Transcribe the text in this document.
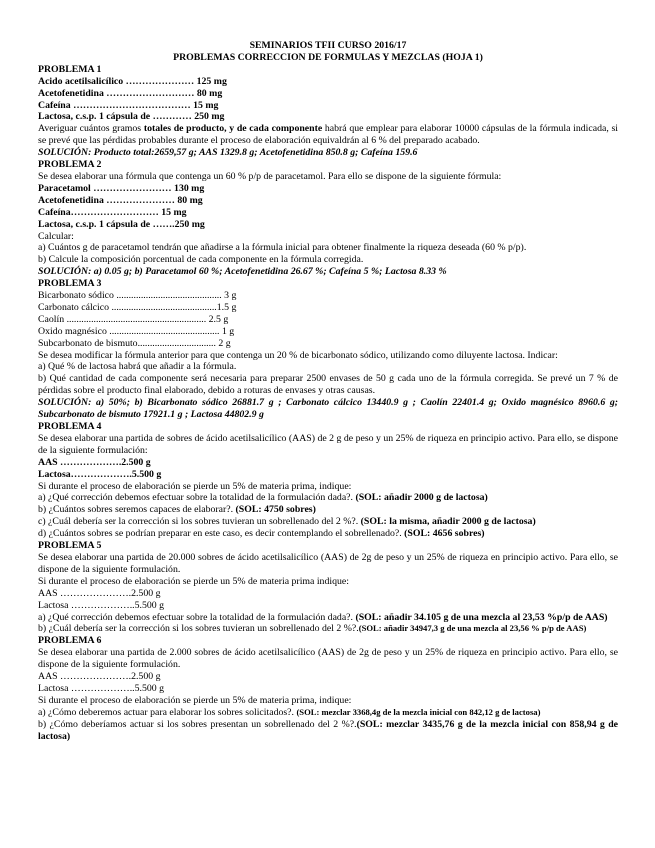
SEMINARIOS TFII CURSO 2016/17

PROBLEMAS CORRECCION DE FORMULAS Y MEZCLAS (HOJA 1)

PROBLEMA 1

Acido acetilsalicílico ………………… 125 mg

Acetofenetidina ……………………… 80 mg

Cafeína ……………………………… 15 mg

Lactosa, c.s.p. 1 cápsula de ………… 250 mg

Averiguar cuántos gramos totales de producto, y de cada componente habrá que emplear para elaborar 10000 cápsulas de la fórmula indicada, si se prevé que las pérdidas probables durante el proceso de elaboración equivaldrán al 6 % del preparado acabado.

SOLUCIÓN: Producto total:2659,57 g; AAS 1329.8 g; Acetofenetidina 850.8 g; Cafeína 159.6

PROBLEMA 2

Se desea elaborar una fórmula que contenga un 60 % p/p de paracetamol. Para ello se dispone de la siguiente fórmula:

Paracetamol …………………… 130 mg

Acetofenetidina ………………… 80 mg

Cafeína……………………… 15 mg

Lactosa, c.s.p. 1 cápsula de …….250 mg

Calcular:

a) Cuántos g de paracetamol tendrán que añadirse a la fórmula inicial para obtener finalmente la riqueza deseada (60 % p/p).

b) Calcule la composición porcentual de cada componente en la fórmula corregida.

SOLUCIÓN: a) 0.05 g; b) Paracetamol 60 %; Acetofenetidina 26.67 %; Cafeína 5 %; Lactosa 8.33 %

PROBLEMA 3

Bicarbonato sódico ........................................... 3 g

Carbonato cálcico ...........................................1.5 g

Caolín ......................................................... 2.5 g

Oxido magnésico ............................................. 1 g

Subcarbonato de bismuto................................ 2 g

Se desea modificar la fórmula anterior para que contenga un 20 % de bicarbonato sódico, utilizando como diluyente lactosa. Indicar:

a) Qué % de lactosa habrá que añadir a la fórmula.

b) Qué cantidad de cada componente será necesaria para preparar 2500 envases de 50 g cada uno de la fórmula corregida. Se prevé un 7 % de pérdidas sobre el producto final elaborado, debido a roturas de envases y otras causas.

SOLUCIÓN: a) 50%; b) Bicarbonato sódico 26881.7 g ; Carbonato cálcico 13440.9 g ; Caolín 22401.4 g; Oxido magnésico 8960.6 g; Subcarbonato de bismuto 17921.1 g ; Lactosa 44802.9 g

PROBLEMA 4

Se desea elaborar una partida de sobres de ácido acetilsalicílico (AAS) de 2 g de peso y un 25% de riqueza en principio activo. Para ello, se dispone de la siguiente formulación:

AAS ……………….2.500 g

Lactosa……………….5.500 g

Si durante el proceso de elaboración se pierde un 5% de materia prima, indique:

a) ¿Qué corrección debemos efectuar sobre la totalidad de la formulación dada?. (SOL: añadir 2000 g de lactosa)

b) ¿Cuántos sobres seremos capaces de elaborar?. (SOL: 4750 sobres)

c) ¿Cuál debería ser la corrección si los sobres tuvieran un sobrellenado del 2 %?. (SOL: la misma, añadir 2000 g de lactosa)

d) ¿Cuántos sobres se podrían preparar en este caso, es decir contemplando el sobrellenado?. (SOL: 4656 sobres)

PROBLEMA 5

Se desea elaborar una partida de 20.000 sobres de ácido acetilsalicílico (AAS) de 2g de peso y un 25% de riqueza en principio activo. Para ello, se dispone de la siguiente formulación.

Si durante el proceso de elaboración se pierde un 5% de materia prima indique:

AAS ………………….2.500 g

Lactosa ………………..5.500 g

a) ¿Qué corrección debemos efectuar sobre la totalidad de la formulación dada?. (SOL: añadir 34.105 g de una mezcla al 23,53 %p/p de AAS)

b) ¿Cuál debería ser la corrección si los sobres tuvieran un sobrellenado del 2 %?.(SOL: añadir 34947,3 g de una mezcla al 23,56 % p/p de AAS)

PROBLEMA 6

Se desea elaborar una partida de 2.000 sobres de ácido acetilsalicílico (AAS) de 2g de peso y un 25% de riqueza en principio activo. Para ello, se dispone de la siguiente formulación.

AAS ………………….2.500 g

Lactosa ………………..5.500 g

Si durante el proceso de elaboración se pierde un 5% de materia prima, indique:

a) ¿Cómo deberemos actuar para elaborar los sobres solicitados?. (SOL: mezclar 3368,4g de la mezcla inicial con 842,12 g de lactosa)

b) ¿Cómo deberíamos actuar si los sobres presentan un sobrellenado del 2 %?.(SOL: mezclar 3435,76 g de la mezcla inicial con 858,94 g de lactosa)
